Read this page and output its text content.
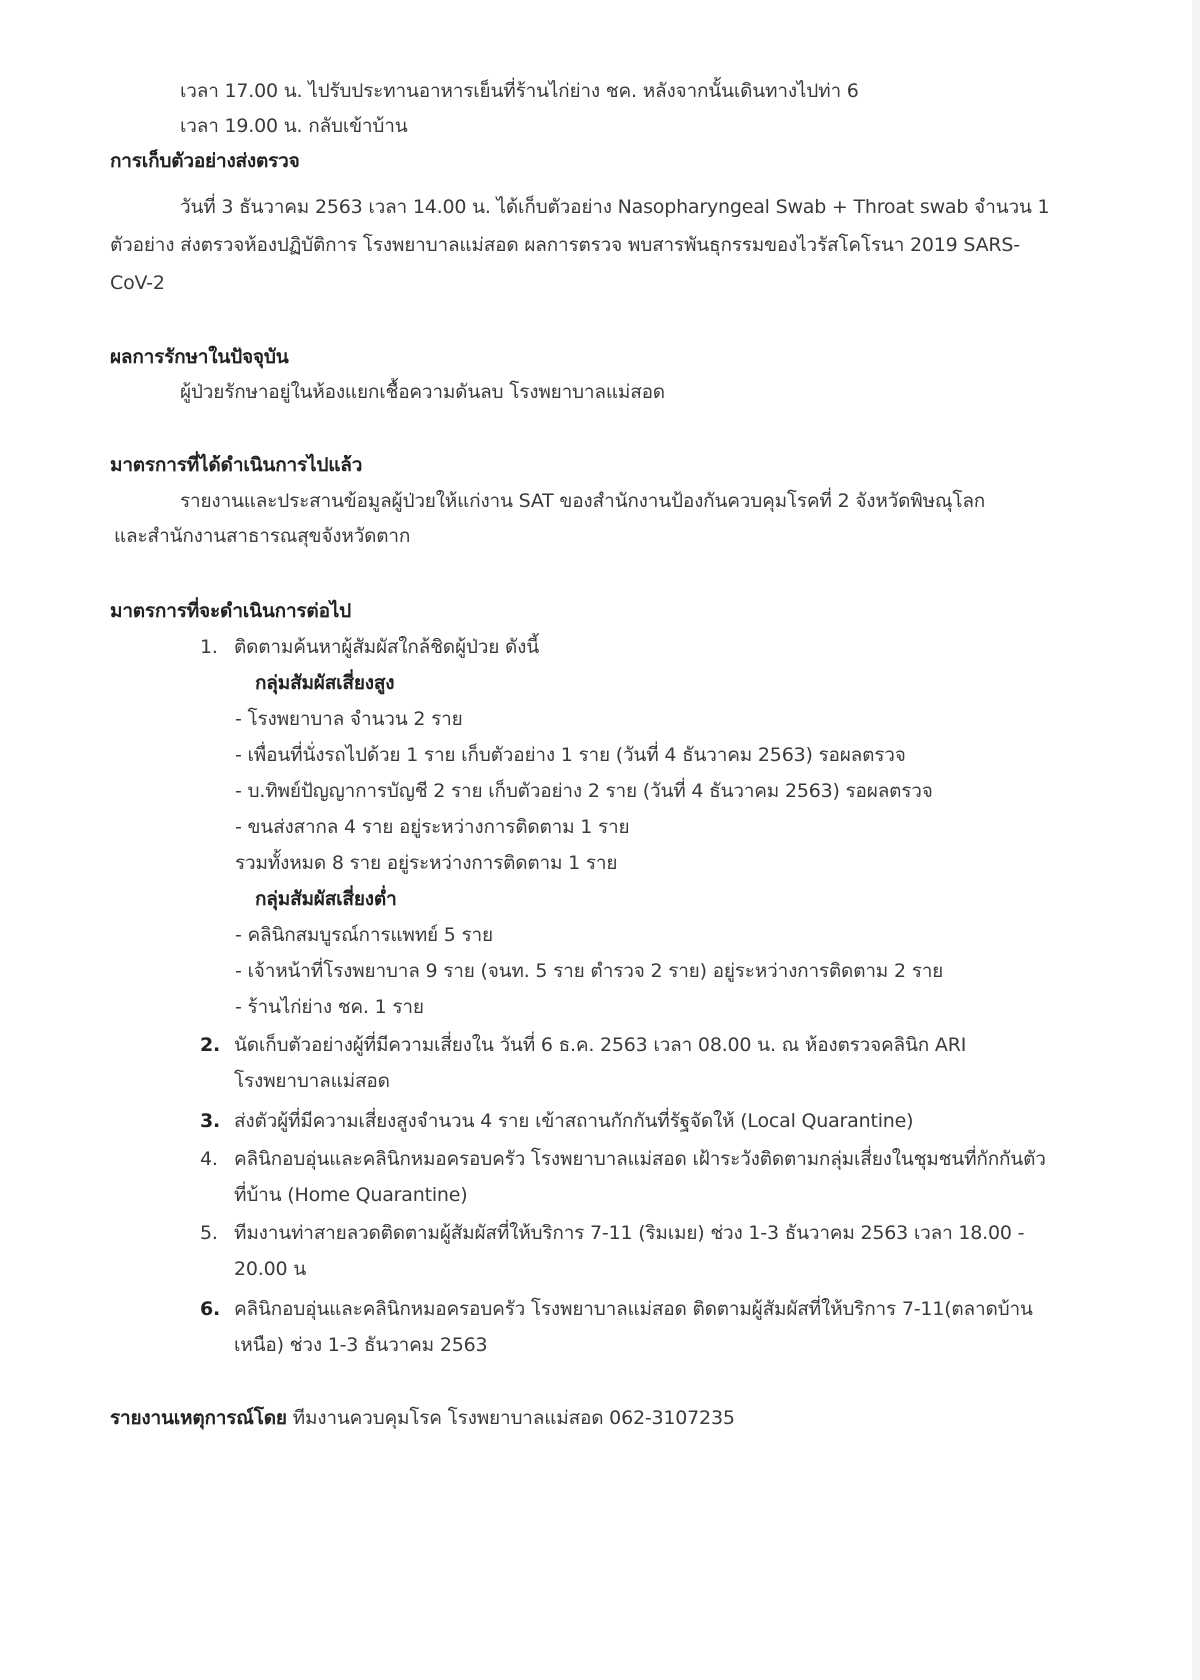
เวลา 17.00 น. ไปรับประทานอาหารเย็นที่ร้านไก่ย่าง ชค. หลังจากนั้นเดินทางไปท่า 6
เวลา 19.00 น. กลับเข้าบ้าน
การเก็บตัวอย่างส่งตรวจ
วันที่ 3 ธันวาคม 2563 เวลา 14.00 น. ได้เก็บตัวอย่าง Nasopharyngeal Swab + Throat swab จำนวน 1
ตัวอย่าง ส่งตรวจห้องปฏิบัติการ โรงพยาบาลแม่สอด ผลการตรวจ พบสารพันธุกรรมของไวรัสโคโรนา 2019 SARS-
CoV-2
ผลการรักษาในปัจจุบัน
ผู้ป่วยรักษาอยู่ในห้องแยกเชื้อความดันลบ โรงพยาบาลแม่สอด
มาตรการที่ได้ดำเนินการไปแล้ว
รายงานและประสานข้อมูลผู้ป่วยให้แก่งาน SAT ของสำนักงานป้องกันควบคุมโรคที่ 2 จังหวัดพิษณุโลก
และสำนักงานสาธารณสุขจังหวัดตาก
มาตรการที่จะดำเนินการต่อไป
1. ติดตามค้นหาผู้สัมผัสใกล้ชิดผู้ป่วย ดังนี้
กลุ่มสัมผัสเสี่ยงสูง
- โรงพยาบาล จำนวน 2 ราย
- เพื่อนที่นั่งรถไปด้วย 1 ราย เก็บตัวอย่าง 1 ราย (วันที่ 4 ธันวาคม 2563) รอผลตรวจ
- บ.ทิพย์ปัญญาการบัญชี 2 ราย เก็บตัวอย่าง 2 ราย (วันที่ 4 ธันวาคม 2563) รอผลตรวจ
- ขนส่งสากล 4 ราย อยู่ระหว่างการติดตาม 1 ราย
รวมทั้งหมด 8 ราย อยู่ระหว่างการติดตาม 1 ราย
กลุ่มสัมผัสเสี่ยงต่ำ
- คลินิกสมบูรณ์การแพทย์ 5 ราย
- เจ้าหน้าที่โรงพยาบาล 9 ราย (จนท. 5 ราย ตำรวจ 2 ราย) อยู่ระหว่างการติดตาม 2 ราย
- ร้านไก่ย่าง ชค. 1 ราย
2. นัดเก็บตัวอย่างผู้ที่มีความเสี่ยงใน วันที่ 6 ธ.ค. 2563 เวลา 08.00 น. ณ ห้องตรวจคลินิก ARI
โรงพยาบาลแม่สอด
3. ส่งตัวผู้ที่มีความเสี่ยงสูงจำนวน 4 ราย เข้าสถานกักกันที่รัฐจัดให้ (Local Quarantine)
4. คลินิกอบอุ่นและคลินิกหมอครอบครัว โรงพยาบาลแม่สอด เฝ้าระวังติดตามกลุ่มเสี่ยงในชุมชนที่กักกันตัว
ที่บ้าน (Home Quarantine)
5. ทีมงานท่าสายลวดติดตามผู้สัมผัสที่ให้บริการ 7-11 (ริมเมย) ช่วง 1-3 ธันวาคม 2563 เวลา 18.00 -
20.00 น
6. คลินิกอบอุ่นและคลินิกหมอครอบครัว โรงพยาบาลแม่สอด ติดตามผู้สัมผัสที่ให้บริการ 7-11(ตลาดบ้าน
เหนือ) ช่วง 1-3 ธันวาคม 2563
รายงานเหตุการณ์โดย ทีมงานควบคุมโรค โรงพยาบาลแม่สอด 062-3107235
